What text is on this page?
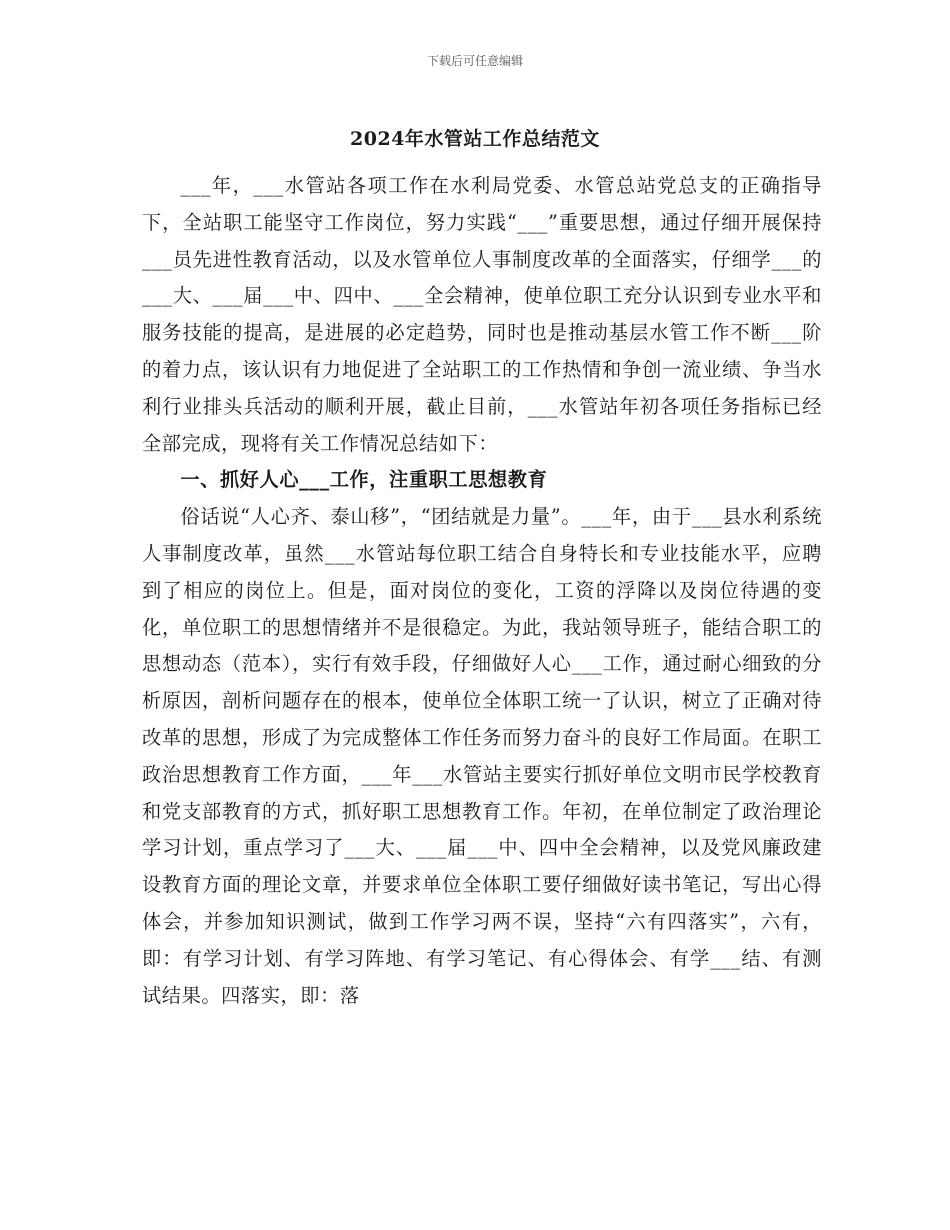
下载后可任意编辑
2024年水管站工作总结范文

___年，___水管站各项工作在水利局党委、水管总站党总支的正确指导下，全站职工能坚守工作岗位，努力实践“___”重要思想，通过仔细开展保持___员先进性教育活动，以及水管单位人事制度改革的全面落实，仔细学___的___大、___届___中、四中、___全会精神，使单位职工充分认识到专业水平和服务技能的提高，是进展的必定趋势，同时也是推动基层水管工作不断___阶的着力点，该认识有力地促进了全站职工的工作热情和争创一流业绩、争当水利行业排头兵活动的顺利开展，截止目前，___水管站年初各项任务指标已经全部完成，现将有关工作情况总结如下：

一、抓好人心___工作，注重职工思想教育

俗话说“人心齐、泰山移”，“团结就是力量”。___年，由于___县水利系统人事制度改革，虽然___水管站每位职工结合自身特长和专业技能水平，应聘到了相应的岗位上。但是，面对岗位的变化，工资的浮降以及岗位待遇的变化，单位职工的思想情绪并不是很稳定。为此，我站领导班子，能结合职工的思想动态（范本），实行有效手段，仔细做好人心___工作，通过耐心细致的分析原因，剖析问题存在的根本，使单位全体职工统一了认识，树立了正确对待改革的思想，形成了为完成整体工作任务而努力奋斗的良好工作局面。在职工政治思想教育工作方面，___年___水管站主要实行抓好单位文明市民学校教育和党支部教育的方式，抓好职工思想教育工作。年初，在单位制定了政治理论学习计划，重点学习了___大、___届___中、四中全会精神，以及党风廉政建设教育方面的理论文章，并要求单位全体职工要仔细做好读书笔记，写出心得体会，并参加知识测试，做到工作学习两不误，坚持“六有四落实”，六有，即：有学习计划、有学习阵地、有学习笔记、有心得体会、有学___结、有测试结果。四落实，即：落
